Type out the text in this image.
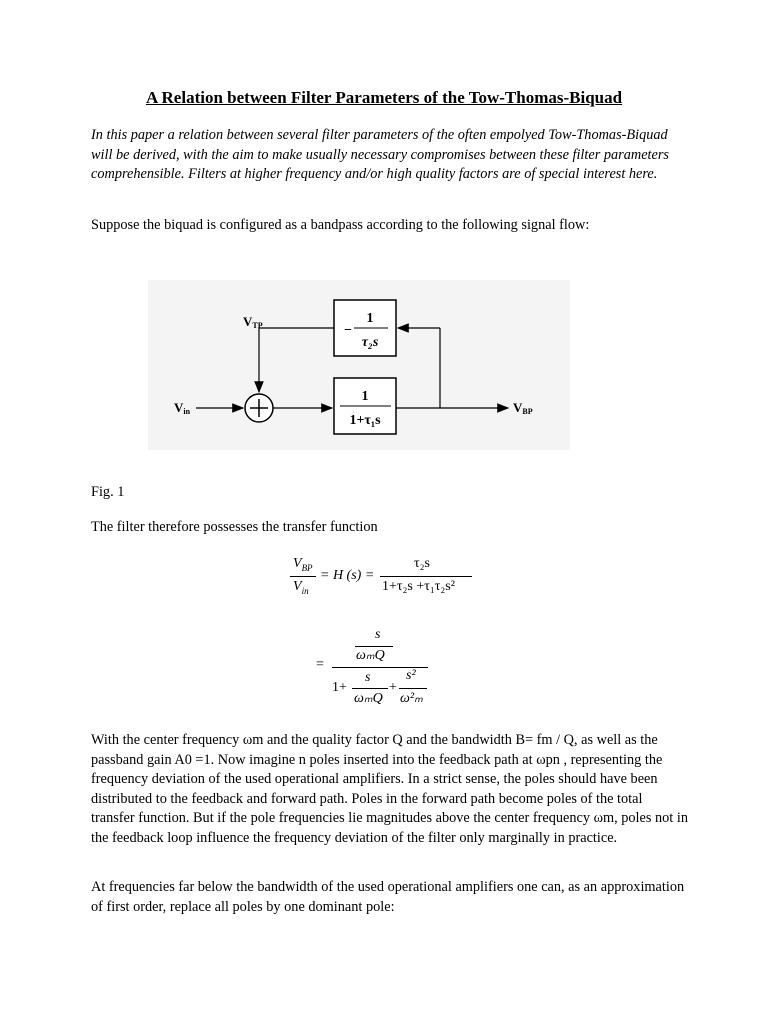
A Relation between Filter Parameters of the Tow-Thomas-Biquad
In this paper a relation between several filter parameters of the often empolyed Tow-Thomas-Biquad will be derived, with the aim to make usually necessary compromises between these filter parameters comprehensible. Filters at higher frequency and/or high quality factors are of special interest here.
Suppose the biquad is configured as a bandpass according to the following signal flow:
VTP
Vin	VBP
−
1
τ₂s
1
1+τ₁s
Fig. 1
The filter therefore possesses the transfer function
$V_{BP}$
$V_{in}$
= H (s) =
τ₂s
1+τ₂s +τ₁τ₂s²
=
s
ωₘQ
1+
s
ωₘQ
+
s²
ω²ₘ
With the center frequency ωm and the quality factor Q and the bandwidth B= fm / Q, as well as the passband gain A0 =1. Now imagine n poles inserted into the feedback path at ωpn , representing the frequency deviation of the used operational amplifiers. In a strict sense, the poles should have been distributed to the feedback and forward path. Poles in the forward path become poles of the total transfer function. But if the pole frequencies lie magnitudes above the center frequency ωm, poles not in the feedback loop influence the frequency deviation of the filter only marginally in practice.
At frequencies far below the bandwidth of the used operational amplifiers one can, as an approximation of first order, replace all poles by one dominant pole:
